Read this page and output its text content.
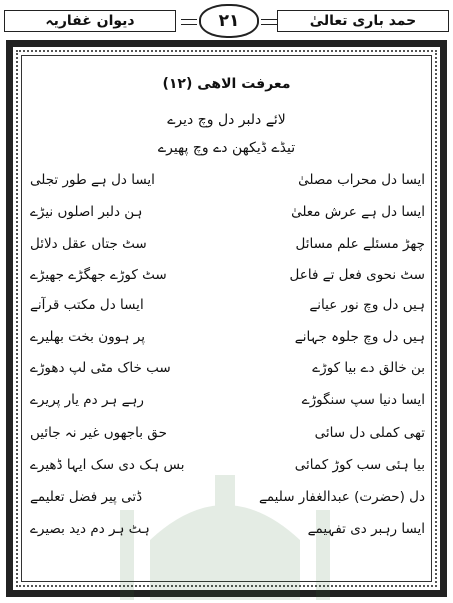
دیوان غفاریہ	۲۱	حمد باری تعالیٰ
معرفت الاھی (۱۲)
لائے دلبر دل وچ دیرے
تیڈے ڈیکھن دے وچ پھیرے
ایسا دل محراب مصلیٰ
ایسا دل ہے طور تجلی
ایسا دل ہے عرش معلیٰ
ہن دلبر اصلوں نیڑے
چھڑ مسئلے علم مسائل
سٹ جتاں عقل دلائل
سٹ نحوی فعل تے فاعل
سٹ کوڑے جھگڑے جھیڑے
ہیں دل وچ نور عیانے
ایسا دل مکتب قرآنے
ہیں دل وچ جلوہ جہانے
پر ہوون بخت بھلیرے
بن خالق دے بیا کوڑے
سب خاک مٹی لپ دھوڑے
ایسا دنیا سپ سنگوڑے
رہے ہر دم یار پریرے
تھی کملی دل سائی
حق باجھوں غیر نہ جائیں
بیا ہئی سب کوڑ کمائی
بس ہک دی سک ایہا ڈھیرے
دل (حضرت) عبدالغفار سلیمے
ڈتی پیر فضل تعلیمے
ایسا رہبر دی تفہیمے
ہٹ ہر دم دید بصیرے
